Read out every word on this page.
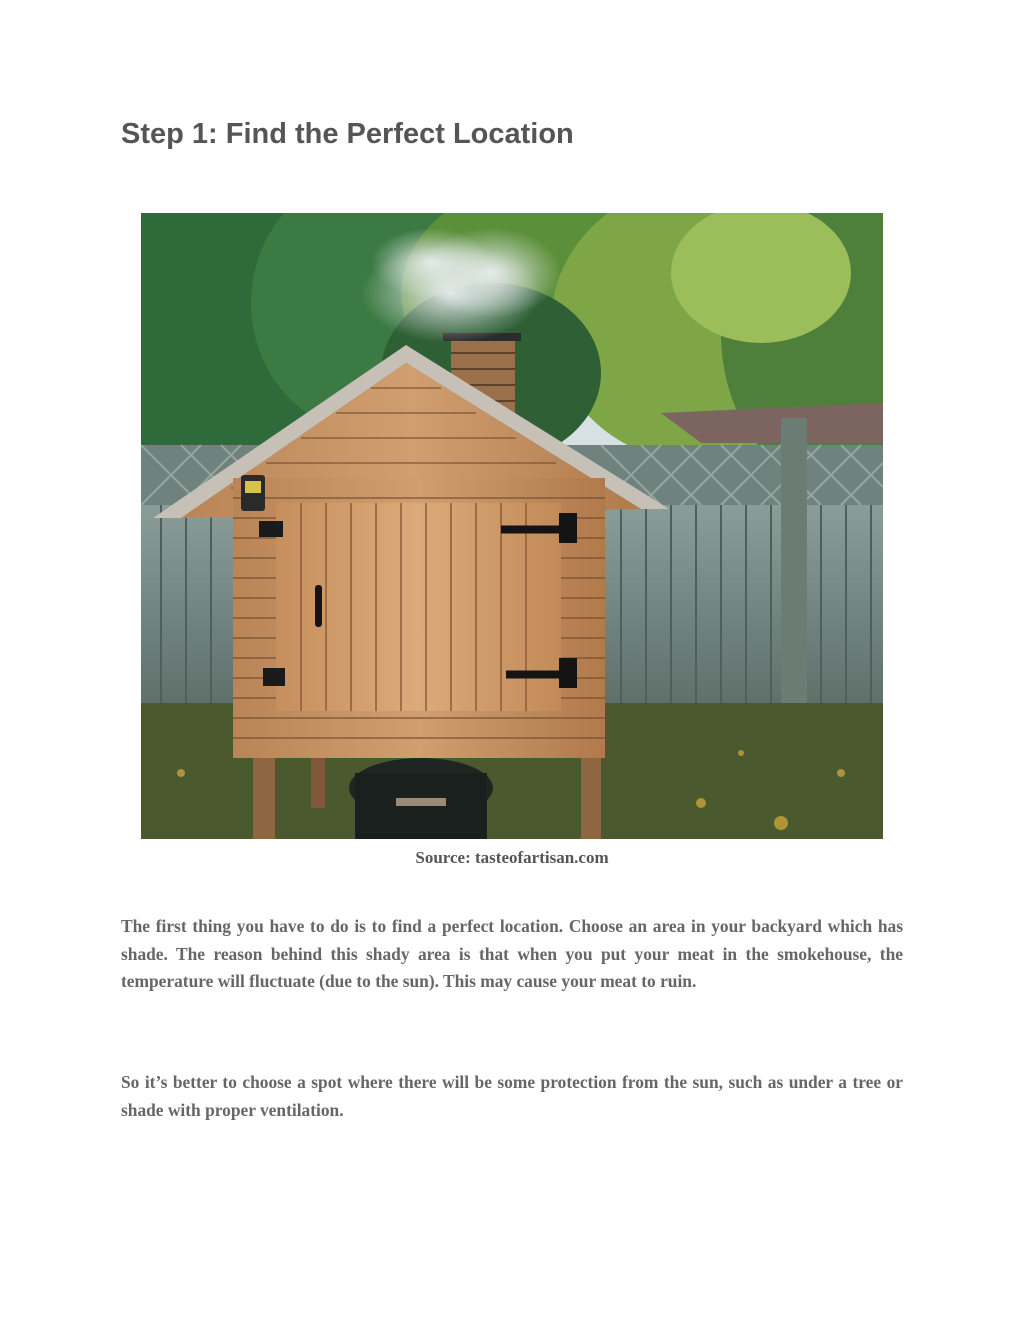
Step 1: Find the Perfect Location
Source: tasteofartisan.com

The first thing you have to do is to find a perfect location. Choose an area in your backyard which has shade. The reason behind this shady area is that when you put your meat in the smokehouse, the temperature will fluctuate (due to the sun). This may cause your meat to ruin.

So it’s better to choose a spot where there will be some protection from the sun, such as under a tree or shade with proper ventilation.
